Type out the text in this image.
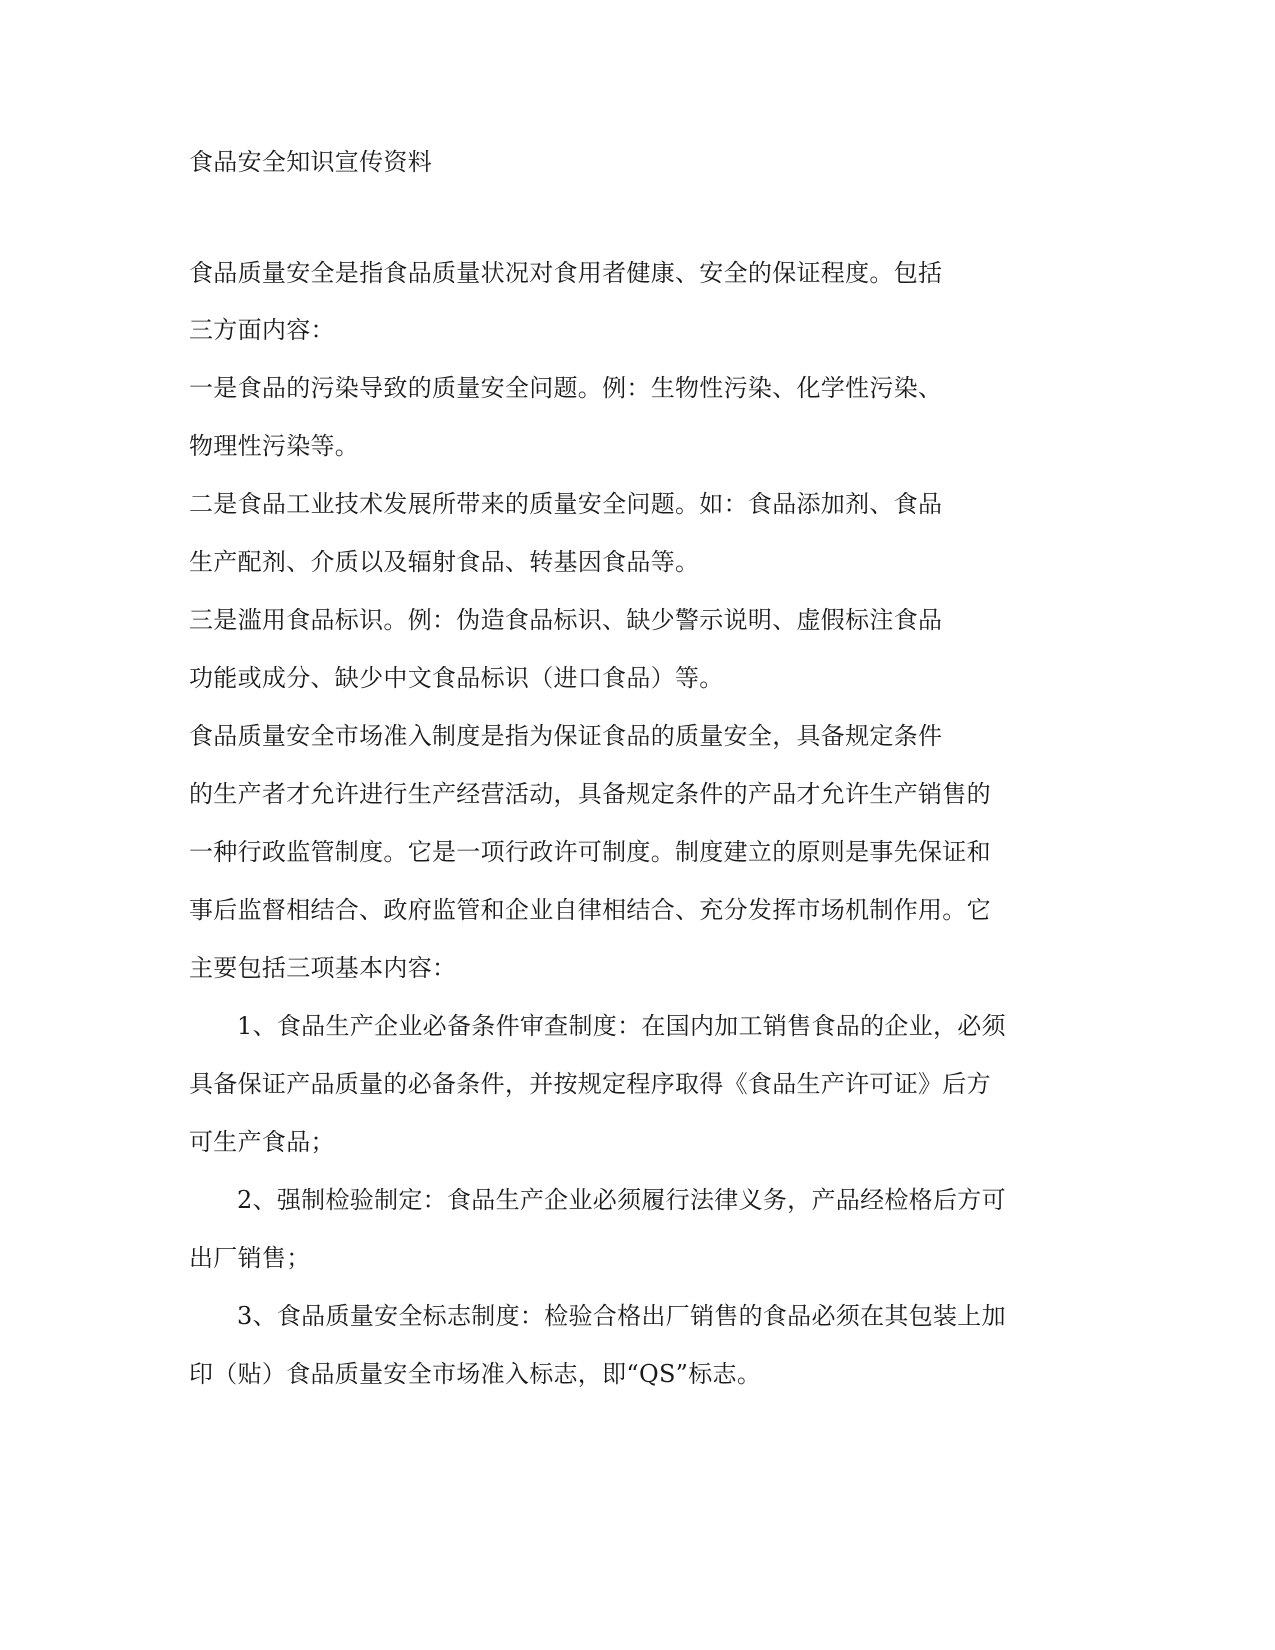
食品安全知识宣传资料
食品质量安全是指食品质量状况对食用者健康、安全的保证程度。包括
三方面内容：
一是食品的污染导致的质量安全问题。例：生物性污染、化学性污染、
物理性污染等。
二是食品工业技术发展所带来的质量安全问题。如：食品添加剂、食品
生产配剂、介质以及辐射食品、转基因食品等。
三是滥用食品标识。例：伪造食品标识、缺少警示说明、虚假标注食品
功能或成分、缺少中文食品标识（进口食品）等。
食品质量安全市场准入制度是指为保证食品的质量安全，具备规定条件
的生产者才允许进行生产经营活动，具备规定条件的产品才允许生产销售的
一种行政监管制度。它是一项行政许可制度。制度建立的原则是事先保证和
事后监督相结合、政府监管和企业自律相结合、充分发挥市场机制作用。它
主要包括三项基本内容：
1、食品生产企业必备条件审查制度：在国内加工销售食品的企业，必须
具备保证产品质量的必备条件，并按规定程序取得《食品生产许可证》后方
可生产食品；
2、强制检验制定：食品生产企业必须履行法律义务，产品经检格后方可
出厂销售；
3、食品质量安全标志制度：检验合格出厂销售的食品必须在其包装上加
印（贴）食品质量安全市场准入标志，即“QS”标志。
